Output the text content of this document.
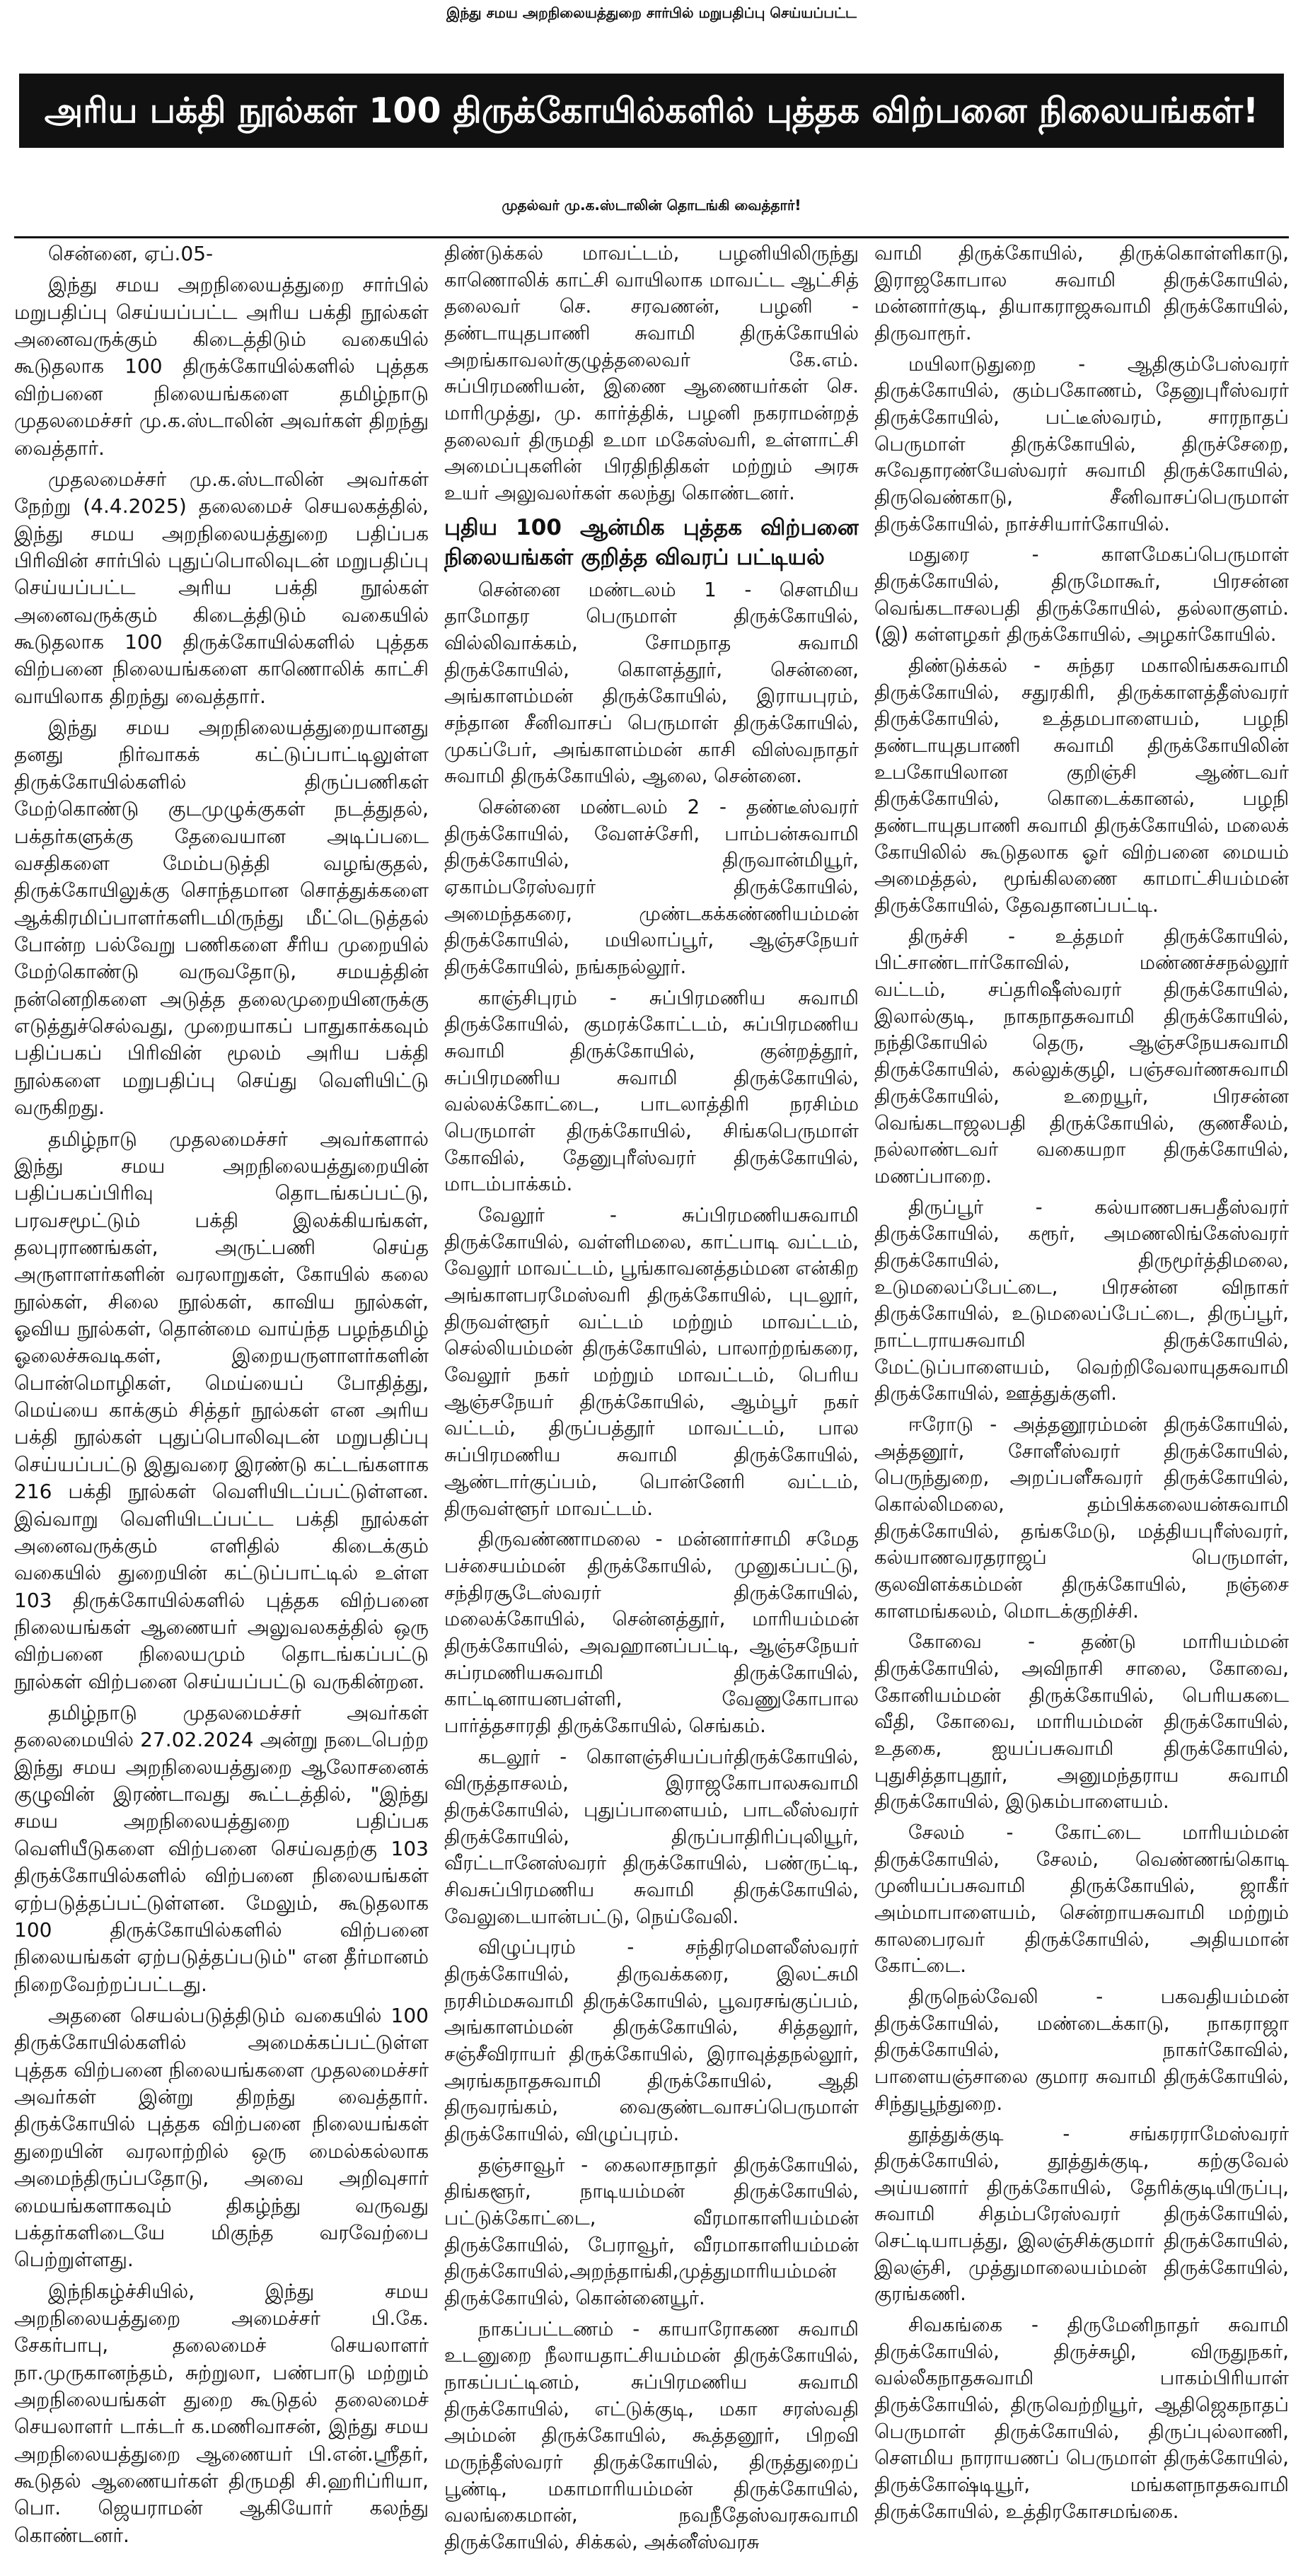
இந்து சமய அறநிலையத்துறை சார்பில் மறுபதிப்பு செய்யப்பட்ட
அரிய பக்தி நூல்கள் 100 திருக்கோயில்களில் புத்தக விற்பனை நிலையங்கள்!
முதல்வர் மு.க.ஸ்டாலின் தொடங்கி வைத்தார்!

சென்னை, ஏப்.05-

இந்து சமய அறநிலையத்துறை சார்பில் மறுபதிப்பு செய்யப்பட்ட அரிய பக்தி நூல்கள் அனைவருக்கும் கிடைத்திடும் வகையில் கூடுதலாக 100 திருக்கோயில்களில் புத்தக விற்பனை நிலையங்களை தமிழ்நாடு முதலமைச்சர் மு.க.ஸ்டாலின் அவர்கள் திறந்து வைத்தார்.

முதலமைச்சர் மு.க.ஸ்டாலின் அவர்கள் நேற்று (4.4.2025) தலைமைச் செயலகத்தில், இந்து சமய அறநிலையத்துறை பதிப்பக பிரிவின் சார்பில் புதுப்பொலிவுடன் மறுபதிப்பு செய்யப்பட்ட அரிய பக்தி நூல்கள் அனைவருக்கும் கிடைத்திடும் வகையில் கூடுதலாக 100 திருக்கோயில்களில் புத்தக விற்பனை நிலையங்களை காணொலிக் காட்சி வாயிலாக திறந்து வைத்தார்.

இந்து சமய அறநிலையத்துறையானது தனது நிர்வாகக் கட்டுப்பாட்டிலுள்ள திருக்கோயில்களில் திருப்பணிகள் மேற்கொண்டு குடமுழுக்குகள் நடத்துதல், பக்தர்களுக்கு தேவையான அடிப்படை வசதிகளை மேம்படுத்தி வழங்குதல், திருக்கோயிலுக்கு சொந்தமான சொத்துக்களை ஆக்கிரமிப்பாளர்களிடமிருந்து மீட்டெடுத்தல் போன்ற பல்வேறு பணிகளை சீரிய முறையில் மேற்கொண்டு வருவதோடு, சமயத்தின் நன்னெறிகளை அடுத்த தலைமுறையினருக்கு எடுத்துச்செல்வது, முறையாகப் பாதுகாக்கவும் பதிப்பகப் பிரிவின் மூலம் அரிய பக்தி நூல்களை மறுபதிப்பு செய்து வெளியிட்டு வருகிறது.

தமிழ்நாடு முதலமைச்சர் அவர்களால் இந்து சமய அறநிலையத்துறையின் பதிப்பகப்பிரிவு தொடங்கப்பட்டு, பரவசமூட்டும் பக்தி இலக்கியங்கள், தலபுராணங்கள், அருட்பணி செய்த அருளாளர்களின் வரலாறுகள், கோயில் கலை நூல்கள், சிலை நூல்கள், காவிய நூல்கள், ஓவிய நூல்கள், தொன்மை வாய்ந்த பழந்தமிழ் ஓலைச்சுவடிகள், இறையருளாளர்களின் பொன்மொழிகள், மெய்யைப் போதித்து, மெய்யை காக்கும் சித்தர் நூல்கள் என அரிய பக்தி நூல்கள் புதுப்பொலிவுடன் மறுபதிப்பு செய்யப்பட்டு இதுவரை இரண்டு கட்டங்களாக 216 பக்தி நூல்கள் வெளியிடப்பட்டுள்ளன. இவ்வாறு வெளியிடப்பட்ட பக்தி நூல்கள் அனைவருக்கும் எளிதில் கிடைக்கும் வகையில் துறையின் கட்டுப்பாட்டில் உள்ள 103 திருக்கோயில்களில் புத்தக விற்பனை நிலையங்கள் ஆணையர் அலுவலகத்தில் ஒரு விற்பனை நிலையமும் தொடங்கப்பட்டு நூல்கள் விற்பனை செய்யப்பட்டு வருகின்றன.

தமிழ்நாடு முதலமைச்சர் அவர்கள் தலைமையில் 27.02.2024 அன்று நடைபெற்ற இந்து சமய அறநிலையத்துறை ஆலோசனைக் குழுவின் இரண்டாவது கூட்டத்தில், "இந்து சமய அறநிலையத்துறை பதிப்பக வெளியீடுகளை விற்பனை செய்வதற்கு 103 திருக்கோயில்களில் விற்பனை நிலையங்கள் ஏற்படுத்தப்பட்டுள்ளன. மேலும், கூடுதலாக 100 திருக்கோயில்களில் விற்பனை நிலையங்கள் ஏற்படுத்தப்படும்" என தீர்மானம் நிறைவேற்றப்பட்டது.

அதனை செயல்படுத்திடும் வகையில் 100 திருக்கோயில்களில் அமைக்கப்பட்டுள்ள புத்தக விற்பனை நிலையங்களை முதலமைச்சர் அவர்கள் இன்று திறந்து வைத்தார். திருக்கோயில் புத்தக விற்பனை நிலையங்கள் துறையின் வரலாற்றில் ஒரு மைல்கல்லாக அமைந்திருப்பதோடு, அவை அறிவுசார் மையங்களாகவும் திகழ்ந்து வருவது பக்தர்களிடையே மிகுந்த வரவேற்பை பெற்றுள்ளது.

இந்நிகழ்ச்சியில், இந்து சமய அறநிலையத்துறை அமைச்சர் பி.கே. சேகர்பாபு, தலைமைச் செயலாளர் நா.முருகானந்தம், சுற்றுலா, பண்பாடு மற்றும் அறநிலையங்கள் துறை கூடுதல் தலைமைச் செயலாளர் டாக்டர் க.மணிவாசன், இந்து சமய அறநிலையத்துறை ஆணையர் பி.என்.ஸ்ரீதர், கூடுதல் ஆணையர்கள் திருமதி சி.ஹரிப்ரியா, பொ. ஜெயராமன் ஆகியோர் கலந்து கொண்டனர்.

திண்டுக்கல் மாவட்டம், பழனியிலிருந்து காணொலிக் காட்சி வாயிலாக மாவட்ட ஆட்சித் தலைவர் செ. சரவணன், பழனி - தண்டாயுதபாணி சுவாமி திருக்கோயில் அறங்காவலர்குழுத்தலைவர் கே.எம். சுப்பிரமணியன், இணை ஆணையர்கள் செ. மாரிமுத்து, மு. கார்த்திக், பழனி நகராமன்றத் தலைவர் திருமதி உமா மகேஸ்வரி, உள்ளாட்சி அமைப்புகளின் பிரதிநிதிகள் மற்றும் அரசு உயர் அலுவலர்கள் கலந்து கொண்டனர்.

புதிய 100 ஆன்மிக புத்தக விற்பனை நிலையங்கள் குறித்த விவரப் பட்டியல்

சென்னை மண்டலம் 1 - சௌமிய தாமோதர பெருமாள் திருக்கோயில், வில்லிவாக்கம், சோமநாத சுவாமி திருக்கோயில், கொளத்தூர், சென்னை, அங்காளம்மன் திருக்கோயில், இராயபுரம், சந்தான சீனிவாசப் பெருமாள் திருக்கோயில், முகப்பேர், அங்காளம்மன் காசி விஸ்வநாதர் சுவாமி திருக்கோயில், ஆலை, சென்னை.

சென்னை மண்டலம் 2 - தண்டீஸ்வரர் திருக்கோயில், வேளச்சேரி, பாம்பன்சுவாமி திருக்கோயில், திருவான்மியூர், ஏகாம்பரேஸ்வரர் திருக்கோயில், அமைந்தகரை, முண்டகக்கண்ணியம்மன் திருக்கோயில், மயிலாப்பூர், ஆஞ்சநேயர் திருக்கோயில், நங்கநல்லூர்.

காஞ்சிபுரம் - சுப்பிரமணிய சுவாமி திருக்கோயில், குமரக்கோட்டம், சுப்பிரமணிய சுவாமி திருக்கோயில், குன்றத்தூர், சுப்பிரமணிய சுவாமி திருக்கோயில், வல்லக்கோட்டை, பாடலாத்திரி நரசிம்ம பெருமாள் திருக்கோயில், சிங்கபெருமாள் கோவில், தேனுபுரீஸ்வரர் திருக்கோயில், மாடம்பாக்கம்.

வேலூர் - சுப்பிரமணியசுவாமி திருக்கோயில், வள்ளிமலை, காட்பாடி வட்டம், வேலூர் மாவட்டம், பூங்காவனத்தம்மன என்கிற அங்காளபரமேஸ்வரி திருக்கோயில், புடலூர், திருவள்ளூர் வட்டம் மற்றும் மாவட்டம், செல்லியம்மன் திருக்கோயில், பாலாற்றங்கரை, வேலூர் நகர் மற்றும் மாவட்டம், பெரிய ஆஞ்சநேயர் திருக்கோயில், ஆம்பூர் நகர் வட்டம், திருப்பத்தூர் மாவட்டம், பால சுப்பிரமணிய சுவாமி திருக்கோயில், ஆண்டார்குப்பம், பொன்னேரி வட்டம், திருவள்ளூர் மாவட்டம்.

திருவண்ணாமலை - மன்னார்சாமி சமேத பச்சையம்மன் திருக்கோயில், முனுகப்பட்டு, சந்திரசூடேஸ்வரர் திருக்கோயில், மலைக்கோயில், சென்னத்தூர், மாரியம்மன் திருக்கோயில், அவஹானப்பட்டி, ஆஞ்சநேயர் சுப்ரமணியசுவாமி திருக்கோயில், காட்டினாயனபள்ளி, வேணுகோபால பார்த்தசாரதி திருக்கோயில், செங்கம்.

கடலூர் - கொளஞ்சியப்பர்திருக்கோயில், விருத்தாசலம், இராஜகோபாலசுவாமி திருக்கோயில், புதுப்பாளையம், பாடலீஸ்வரர் திருக்கோயில், திருப்பாதிரிப்புலியூர், வீரட்டானேஸ்வரர் திருக்கோயில், பண்ருட்டி, சிவசுப்பிரமணிய சுவாமி திருக்கோயில், வேலுடையான்பட்டு, நெய்வேலி.

விழுப்புரம் - சந்திரமௌலீஸ்வரர் திருக்கோயில், திருவக்கரை, இலட்சுமி நரசிம்மசுவாமி திருக்கோயில், பூவரசங்குப்பம், அங்காளம்மன் திருக்கோயில், சித்தலூர், சஞ்சீவிராயர் திருக்கோயில், இராவுத்தநல்லூர், அரங்கநாதசுவாமி திருக்கோயில், ஆதி திருவரங்கம், வைகுண்டவாசப்பெருமாள் திருக்கோயில், விழுப்புரம்.

தஞ்சாவூர் - கைலாசநாதர் திருக்கோயில், திங்களூர், நாடியம்மன் திருக்கோயில், பட்டுக்கோட்டை, வீரமாகாளியம்மன் திருக்கோயில், பேராவூர், வீரமாகாளியம்மன் திருக்கோயில்,அறந்தாங்கி,முத்துமாரியம்மன் திருக்கோயில், கொன்னையூர்.

நாகப்பட்டணம் - காயாரோகண சுவாமி உடனுறை நீலாயதாட்சியம்மன் திருக்கோயில், நாகப்பட்டினம், சுப்பிரமணிய சுவாமி திருக்கோயில், எட்டுக்குடி, மகா சரஸ்வதி அம்மன் திருக்கோயில், கூத்தனூர், பிறவி மருந்தீஸ்வரர் திருக்கோயில், திருத்துறைப் பூண்டி, மகாமாரியம்மன் திருக்கோயில், வலங்கைமான், நவநீதேஸ்வரசுவாமி திருக்கோயில், சிக்கல், அக்னீஸ்வரசு

வாமி திருக்கோயில், திருக்கொள்ளிகாடு, இராஜகோபால சுவாமி திருக்கோயில், மன்னார்குடி, தியாகராஜசுவாமி திருக்கோயில், திருவாரூர்.

மயிலாடுதுறை - ஆதிகும்பேஸ்வரர் திருக்கோயில், கும்பகோணம், தேனுபுரீஸ்வரர் திருக்கோயில், பட்டீஸ்வரம், சாரநாதப் பெருமாள் திருக்கோயில், திருச்சேறை, சுவேதாரண்யேஸ்வரர் சுவாமி திருக்கோயில், திருவெண்காடு, சீனிவாசப்பெருமாள் திருக்கோயில், நாச்சியார்கோயில்.

மதுரை - காளமேகப்பெருமாள் திருக்கோயில், திருமோகூர், பிரசன்ன வெங்கடாசலபதி திருக்கோயில், தல்லாகுளம். (இ) கள்ளழகர் திருக்கோயில், அழகர்கோயில்.

திண்டுக்கல் - சுந்தர மகாலிங்கசுவாமி திருக்கோயில், சதுரகிரி, திருக்காளத்தீஸ்வரர் திருக்கோயில், உத்தமபாளையம், பழநி தண்டாயுதபாணி சுவாமி திருக்கோயிலின் உபகோயிலான குறிஞ்சி ஆண்டவர் திருக்கோயில், கொடைக்கானல், பழநி தண்டாயுதபாணி சுவாமி திருக்கோயில், மலைக் கோயிலில் கூடுதலாக ஓர் விற்பனை மையம் அமைத்தல், மூங்கிலணை காமாட்சியம்மன் திருக்கோயில், தேவதானப்பட்டி.

திருச்சி - உத்தமர் திருக்கோயில், பிட்சாண்டார்கோவில், மண்ணச்சநல்லூர் வட்டம், சப்தரிஷீஸ்வரர் திருக்கோயில், இலால்குடி, நாகநாதசுவாமி திருக்கோயில், நந்திகோயில் தெரு, ஆஞ்சநேயசுவாமி திருக்கோயில், கல்லுக்குழி, பஞ்சவர்ணசுவாமி திருக்கோயில், உறையூர், பிரசன்ன வெங்கடாஜலபதி திருக்கோயில், குணசீலம், நல்லாண்டவர் வகையறா திருக்கோயில், மணப்பாறை.

திருப்பூர் - கல்யாணபசுபதீஸ்வரர் திருக்கோயில், கரூர், அமணலிங்கேஸ்வரர் திருக்கோயில், திருமூர்த்திமலை, உடுமலைப்பேட்டை, பிரசன்ன விநாகர் திருக்கோயில், உடுமலைப்பேட்டை, திருப்பூர், நாட்டராயசுவாமி திருக்கோயில், மேட்டுப்பாளையம், வெற்றிவேலாயுதசுவாமி திருக்கோயில், ஊத்துக்குளி.

ஈரோடு - அத்தனூரம்மன் திருக்கோயில், அத்தனூர், சோளீஸ்வரர் திருக்கோயில், பெருந்துறை, அறப்பளீசுவரர் திருக்கோயில், கொல்லிமலை, தம்பிக்கலையன்சுவாமி திருக்கோயில், தங்கமேடு, மத்தியபுரீஸ்வரர், கல்யாணவரதராஜப் பெருமாள், குலவிளக்கம்மன் திருக்கோயில், நஞ்சை காளமங்கலம், மொடக்குறிச்சி.

கோவை - தண்டு மாரியம்மன் திருக்கோயில், அவிநாசி சாலை, கோவை, கோனியம்மன் திருக்கோயில், பெரியகடை வீதி, கோவை, மாரியம்மன் திருக்கோயில், உதகை, ஐயப்பசுவாமி திருக்கோயில், புதுசித்தாபுதூர், அனுமந்தராய சுவாமி திருக்கோயில், இடுகம்பாளையம்.

சேலம் - கோட்டை மாரியம்மன் திருக்கோயில், சேலம், வெண்ணங்கொடி முனியப்பசுவாமி திருக்கோயில், ஜாகீர் அம்மாபாளையம், சென்றாயசுவாமி மற்றும் காலபைரவர் திருக்கோயில், அதியமான் கோட்டை.

திருநெல்வேலி - பகவதியம்மன் திருக்கோயில், மண்டைக்காடு, நாகராஜா திருக்கோயில், நாகர்கோவில், பாளையஞ்சாலை குமார சுவாமி திருக்கோயில், சிந்துபூந்துறை.

தூத்துக்குடி - சங்கரராமேஸ்வரர் திருக்கோயில், தூத்துக்குடி, கற்குவேல் அய்யனார் திருக்கோயில், தேரிக்குடியிருப்பு, சுவாமி சிதம்பரேஸ்வரர் திருக்கோயில், செட்டியாபத்து, இலஞ்சிக்குமார் திருக்கோயில், இலஞ்சி, முத்துமாலையம்மன் திருக்கோயில், குரங்கணி.

சிவகங்கை - திருமேனிநாதர் சுவாமி திருக்கோயில், திருச்சுழி, விருதுநகர், வல்லீகநாதசுவாமி பாகம்பிரியாள் திருக்கோயில், திருவெற்றியூர், ஆதிஜெகநாதப் பெருமாள் திருக்கோயில், திருப்புல்லாணி, சௌமிய நாராயணப் பெருமாள் திருக்கோயில், திருக்கோஷ்டியூர், மங்களநாதசுவாமி திருக்கோயில், உத்திரகோசமங்கை.
